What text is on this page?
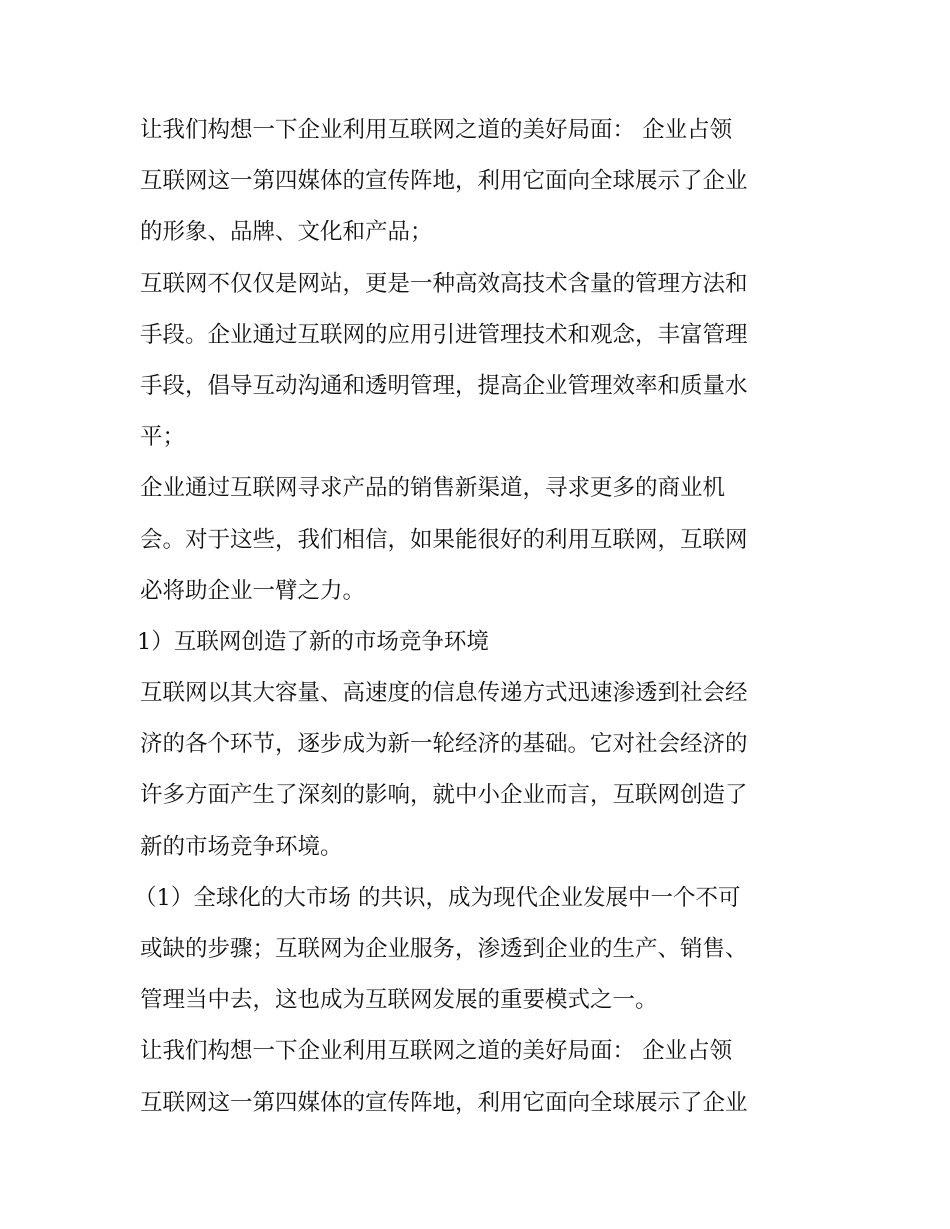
让我们构想一下企业利用互联网之道的美好局面： 企业占领
互联网这一第四媒体的宣传阵地，利用它面向全球展示了企业
的形象、品牌、文化和产品；
互联网不仅仅是网站，更是一种高效高技术含量的管理方法和
手段。企业通过互联网的应用引进管理技术和观念，丰富管理
手段，倡导互动沟通和透明管理，提高企业管理效率和质量水
平；
企业通过互联网寻求产品的销售新渠道，寻求更多的商业机
会。对于这些，我们相信，如果能很好的利用互联网，互联网
必将助企业一臂之力。
1）互联网创造了新的市场竞争环境
互联网以其大容量、高速度的信息传递方式迅速渗透到社会经
济的各个环节，逐步成为新一轮经济的基础。它对社会经济的
许多方面产生了深刻的影响，就中小企业而言，互联网创造了
新的市场竞争环境。
（1）全球化的大市场 的共识，成为现代企业发展中一个不可
或缺的步骤；互联网为企业服务，渗透到企业的生产、销售、
管理当中去，这也成为互联网发展的重要模式之一。
让我们构想一下企业利用互联网之道的美好局面： 企业占领
互联网这一第四媒体的宣传阵地，利用它面向全球展示了企业
